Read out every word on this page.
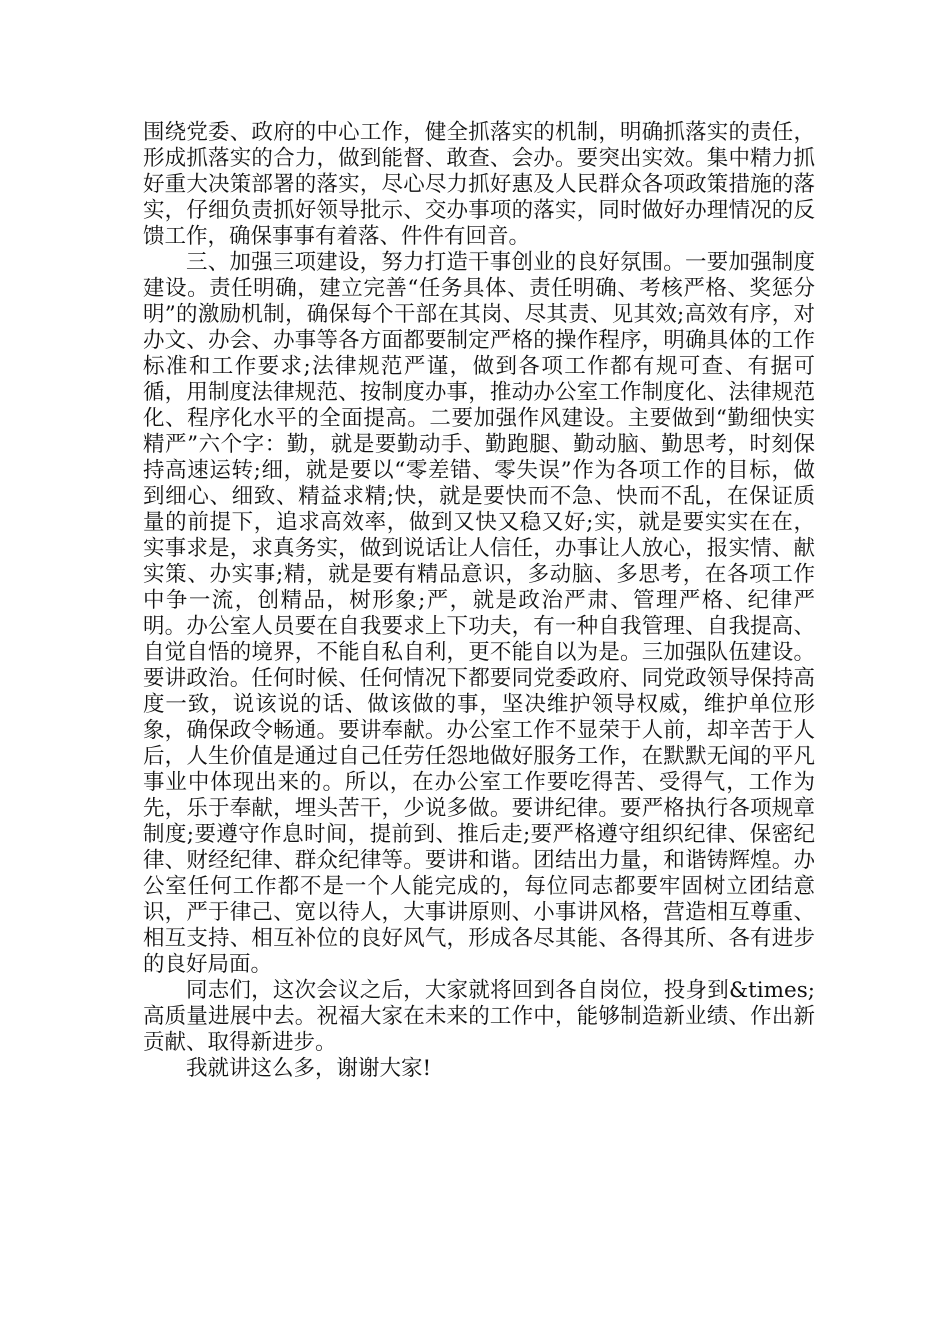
围绕党委、政府的中心工作，健全抓落实的机制，明确抓落实的责任，形成抓落实的合力，做到能督、敢查、会办。要突出实效。集中精力抓好重大决策部署的落实，尽心尽力抓好惠及人民群众各项政策措施的落实，仔细负责抓好领导批示、交办事项的落实，同时做好办理情况的反馈工作，确保事事有着落、件件有回音。

三、加强三项建设，努力打造干事创业的良好氛围。一要加强制度建设。责任明确，建立完善“任务具体、责任明确、考核严格、奖惩分明”的激励机制，确保每个干部在其岗、尽其责、见其效;高效有序，对办文、办会、办事等各方面都要制定严格的操作程序，明确具体的工作标准和工作要求;法律规范严谨，做到各项工作都有规可查、有据可循，用制度法律规范、按制度办事，推动办公室工作制度化、法律规范化、程序化水平的全面提高。二要加强作风建设。主要做到“勤细快实精严”六个字：勤，就是要勤动手、勤跑腿、勤动脑、勤思考，时刻保持高速运转;细，就是要以“零差错、零失误”作为各项工作的目标，做到细心、细致、精益求精;快，就是要快而不急、快而不乱，在保证质量的前提下，追求高效率，做到又快又稳又好;实，就是要实实在在，实事求是，求真务实，做到说话让人信任，办事让人放心，报实情、献实策、办实事;精，就是要有精品意识，多动脑、多思考，在各项工作中争一流，创精品，树形象;严，就是政治严肃、管理严格、纪律严明。办公室人员要在自我要求上下功夫，有一种自我管理、自我提高、自觉自悟的境界，不能自私自利，更不能自以为是。三加强队伍建设。要讲政治。任何时候、任何情况下都要同党委政府、同党政领导保持高度一致，说该说的话、做该做的事，坚决维护领导权威，维护单位形象，确保政令畅通。要讲奉献。办公室工作不显荣于人前，却辛苦于人后，人生价值是通过自己任劳任怨地做好服务工作，在默默无闻的平凡事业中体现出来的。所以，在办公室工作要吃得苦、受得气，工作为先，乐于奉献，埋头苦干，少说多做。要讲纪律。要严格执行各项规章制度;要遵守作息时间，提前到、推后走;要严格遵守组织纪律、保密纪律、财经纪律、群众纪律等。要讲和谐。团结出力量，和谐铸辉煌。办公室任何工作都不是一个人能完成的，每位同志都要牢固树立团结意识，严于律己、宽以待人，大事讲原则、小事讲风格，营造相互尊重、相互支持、相互补位的良好风气，形成各尽其能、各得其所、各有进步的良好局面。

同志们，这次会议之后，大家就将回到各自岗位，投身到&times;高质量进展中去。祝福大家在未来的工作中，能够制造新业绩、作出新贡献、取得新进步。

我就讲这么多，谢谢大家!
